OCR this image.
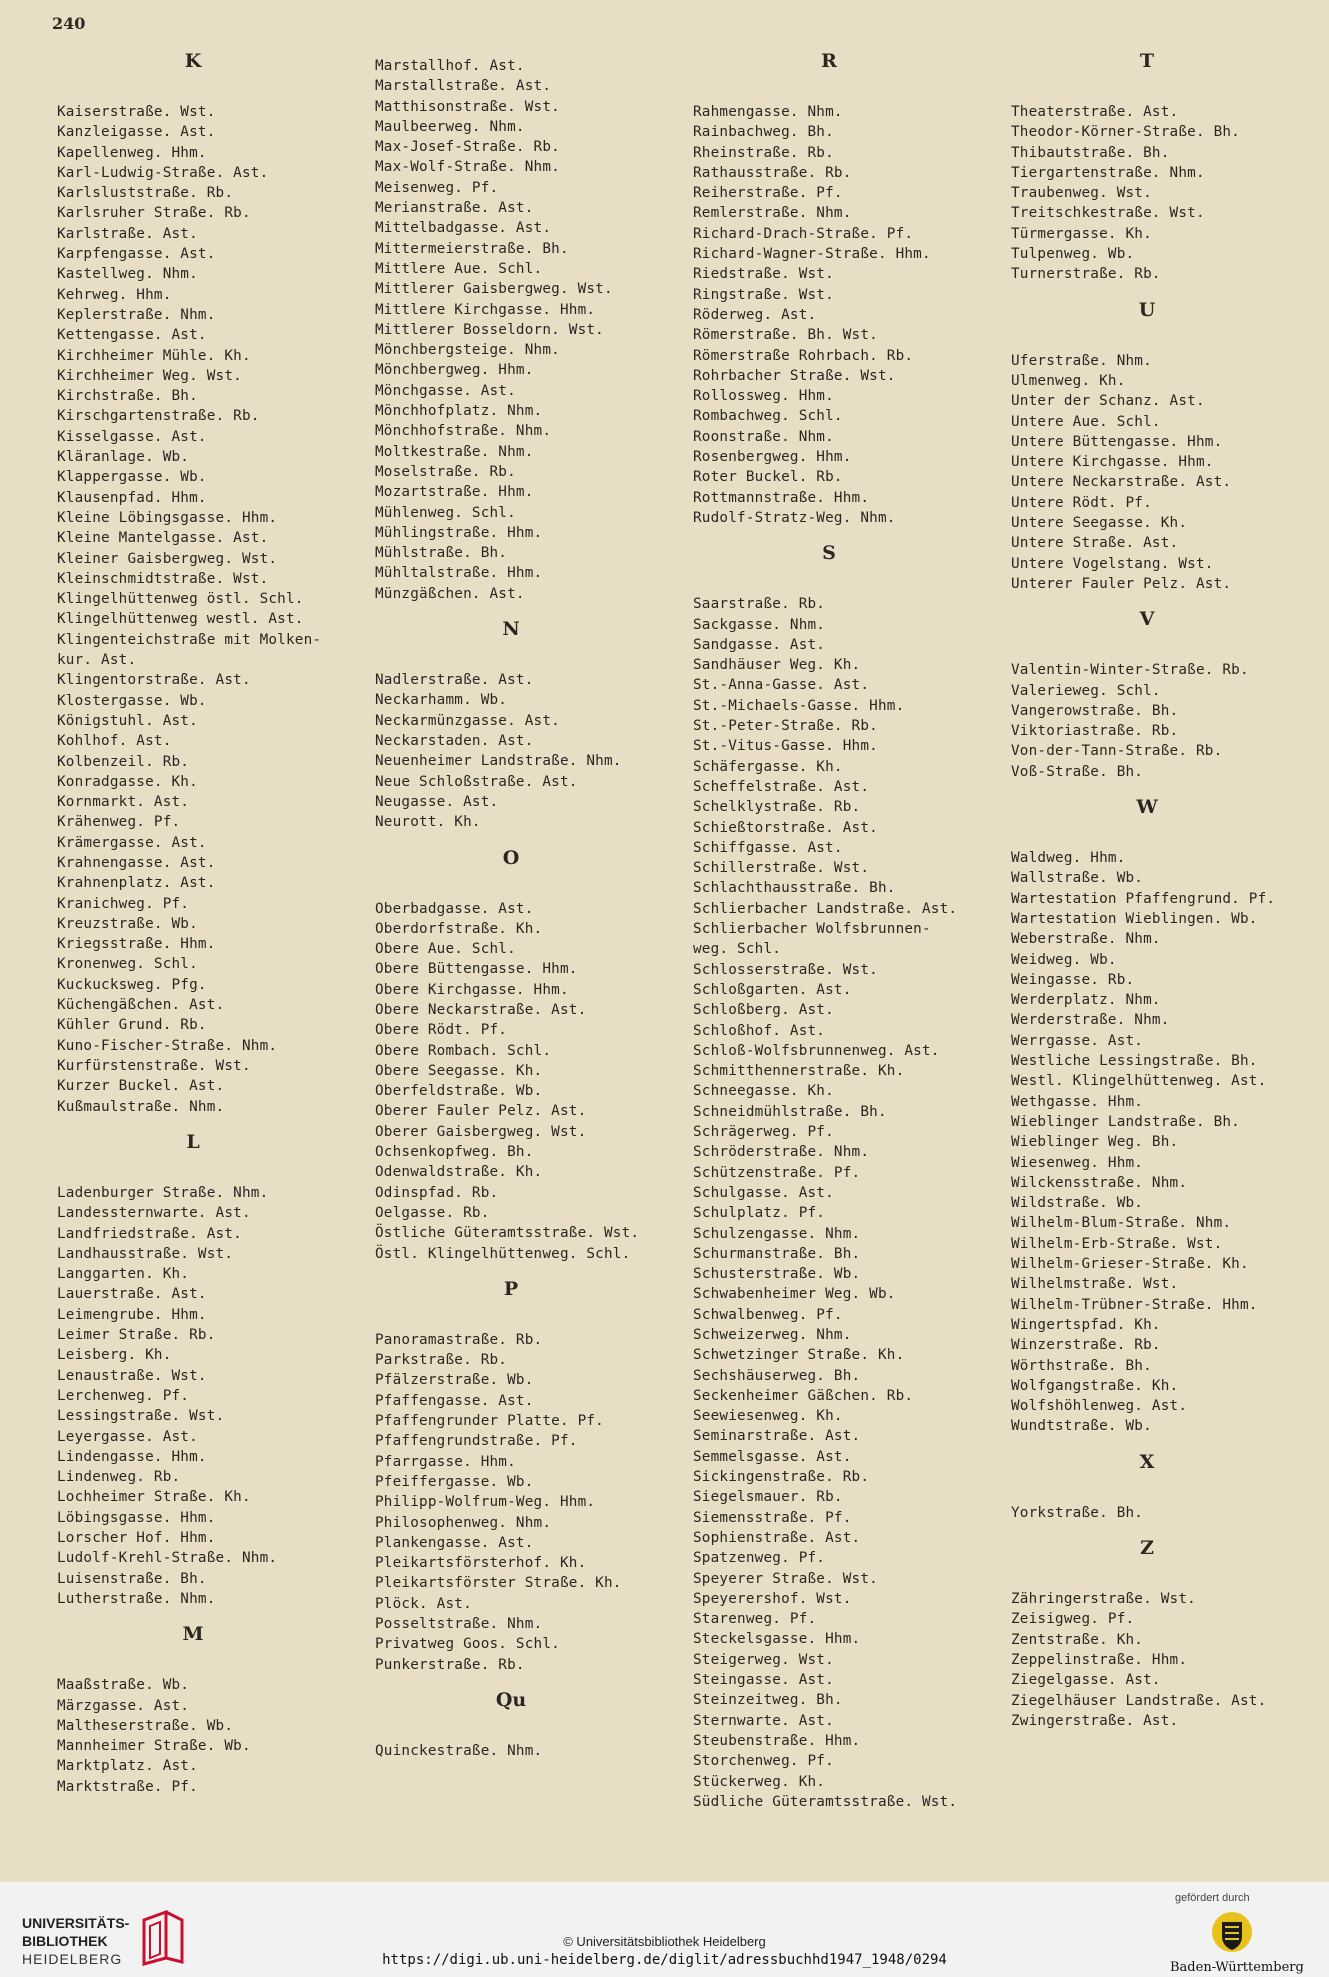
240
K
Kaiserstraße. Wst.
Kanzleigasse. Ast.
Kapellenweg. Hhm.
Karl-Ludwig-Straße. Ast.
Karlsluststraße. Rb.
Karlsruher Straße. Rb.
Karlstraße. Ast.
Karpfengasse. Ast.
Kastellweg. Nhm.
Kehrweg. Hhm.
Keplerstraße. Nhm.
Kettengasse. Ast.
Kirchheimer Mühle. Kh.
Kirchheimer Weg. Wst.
Kirchstraße. Bh.
Kirschgartenstraße. Rb.
Kisselgasse. Ast.
Kläranlage. Wb.
Klappergasse. Wb.
Klausenpfad. Hhm.
Kleine Löbingsgasse. Hhm.
Kleine Mantelgasse. Ast.
Kleiner Gaisbergweg. Wst.
Kleinschmidtstraße. Wst.
Klingelhüttenweg östl. Schl.
Klingelhüttenweg westl. Ast.
Klingenteichstraße mit Molken-
kur. Ast.
Klingentorstraße. Ast.
Klostergasse. Wb.
Königstuhl. Ast.
Kohlhof. Ast.
Kolbenzeil. Rb.
Konradgasse. Kh.
Kornmarkt. Ast.
Krähenweg. Pf.
Krämergasse. Ast.
Krahnengasse. Ast.
Krahnenplatz. Ast.
Kranichweg. Pf.
Kreuzstraße. Wb.
Kriegsstraße. Hhm.
Kronenweg. Schl.
Kuckucksweg. Pfg.
Küchengäßchen. Ast.
Kühler Grund. Rb.
Kuno-Fischer-Straße. Nhm.
Kurfürstenstraße. Wst.
Kurzer Buckel. Ast.
Kußmaulstraße. Nhm.
L
Ladenburger Straße. Nhm.
Landessternwarte. Ast.
Landfriedstraße. Ast.
Landhausstraße. Wst.
Langgarten. Kh.
Lauerstraße. Ast.
Leimengrube. Hhm.
Leimer Straße. Rb.
Leisberg. Kh.
Lenaustraße. Wst.
Lerchenweg. Pf.
Lessingstraße. Wst.
Leyergasse. Ast.
Lindengasse. Hhm.
Lindenweg. Rb.
Lochheimer Straße. Kh.
Löbingsgasse. Hhm.
Lorscher Hof. Hhm.
Ludolf-Krehl-Straße. Nhm.
Luisenstraße. Bh.
Lutherstraße. Nhm.
M
Maaßstraße. Wb.
Märzgasse. Ast.
Maltheserstraße. Wb.
Mannheimer Straße. Wb.
Marktplatz. Ast.
Marktstraße. Pf.
Marstallhof. Ast.
Marstallstraße. Ast.
Matthisonstraße. Wst.
Maulbeerweg. Nhm.
Max-Josef-Straße. Rb.
Max-Wolf-Straße. Nhm.
Meisenweg. Pf.
Merianstraße. Ast.
Mittelbadgasse. Ast.
Mittermeierstraße. Bh.
Mittlere Aue. Schl.
Mittlerer Gaisbergweg. Wst.
Mittlere Kirchgasse. Hhm.
Mittlerer Bosseldorn. Wst.
Mönchbergsteige. Nhm.
Mönchbergweg. Hhm.
Mönchgasse. Ast.
Mönchhofplatz. Nhm.
Mönchhofstraße. Nhm.
Moltkestraße. Nhm.
Moselstraße. Rb.
Mozartstraße. Hhm.
Mühlenweg. Schl.
Mühlingstraße. Hhm.
Mühlstraße. Bh.
Mühltalstraße. Hhm.
Münzgäßchen. Ast.
N
Nadlerstraße. Ast.
Neckarhamm. Wb.
Neckarmünzgasse. Ast.
Neckarstaden. Ast.
Neuenheimer Landstraße. Nhm.
Neue Schloßstraße. Ast.
Neugasse. Ast.
Neurott. Kh.
O
Oberbadgasse. Ast.
Oberdorfstraße. Kh.
Obere Aue. Schl.
Obere Büttengasse. Hhm.
Obere Kirchgasse. Hhm.
Obere Neckarstraße. Ast.
Obere Rödt. Pf.
Obere Rombach. Schl.
Obere Seegasse. Kh.
Oberfeldstraße. Wb.
Oberer Fauler Pelz. Ast.
Oberer Gaisbergweg. Wst.
Ochsenkopfweg. Bh.
Odenwaldstraße. Kh.
Odinspfad. Rb.
Oelgasse. Rb.
Östliche Güteramtsstraße. Wst.
Östl. Klingelhüttenweg. Schl.
P
Panoramastraße. Rb.
Parkstraße. Rb.
Pfälzerstraße. Wb.
Pfaffengasse. Ast.
Pfaffengrunder Platte. Pf.
Pfaffengrundstraße. Pf.
Pfarrgasse. Hhm.
Pfeiffergasse. Wb.
Philipp-Wolfrum-Weg. Hhm.
Philosophenweg. Nhm.
Plankengasse. Ast.
Pleikartsförsterhof. Kh.
Pleikartsförster Straße. Kh.
Plöck. Ast.
Posseltstraße. Nhm.
Privatweg Goos. Schl.
Punkerstraße. Rb.
Qu
Quinckestraße. Nhm.
R
Rahmengasse. Nhm.
Rainbachweg. Bh.
Rheinstraße. Rb.
Rathausstraße. Rb.
Reiherstraße. Pf.
Remlerstraße. Nhm.
Richard-Drach-Straße. Pf.
Richard-Wagner-Straße. Hhm.
Riedstraße. Wst.
Ringstraße. Wst.
Röderweg. Ast.
Römerstraße. Bh. Wst.
Römerstraße Rohrbach. Rb.
Rohrbacher Straße. Wst.
Rollossweg. Hhm.
Rombachweg. Schl.
Roonstraße. Nhm.
Rosenbergweg. Hhm.
Roter Buckel. Rb.
Rottmannstraße. Hhm.
Rudolf-Stratz-Weg. Nhm.
S
Saarstraße. Rb.
Sackgasse. Nhm.
Sandgasse. Ast.
Sandhäuser Weg. Kh.
St.-Anna-Gasse. Ast.
St.-Michaels-Gasse. Hhm.
St.-Peter-Straße. Rb.
St.-Vitus-Gasse. Hhm.
Schäfergasse. Kh.
Scheffelstraße. Ast.
Schelklystraße. Rb.
Schießtorstraße. Ast.
Schiffgasse. Ast.
Schillerstraße. Wst.
Schlachthausstraße. Bh.
Schlierbacher Landstraße. Ast.
Schlierbacher Wolfsbrunnen-
weg. Schl.
Schlosserstraße. Wst.
Schloßgarten. Ast.
Schloßberg. Ast.
Schloßhof. Ast.
Schloß-Wolfsbrunnenweg. Ast.
Schmitthennerstraße. Kh.
Schneegasse. Kh.
Schneidmühlstraße. Bh.
Schrägerweg. Pf.
Schröderstraße. Nhm.
Schützenstraße. Pf.
Schulgasse. Ast.
Schulplatz. Pf.
Schulzengasse. Nhm.
Schurmanstraße. Bh.
Schusterstraße. Wb.
Schwabenheimer Weg. Wb.
Schwalbenweg. Pf.
Schweizerweg. Nhm.
Schwetzinger Straße. Kh.
Sechshäuserweg. Bh.
Seckenheimer Gäßchen. Rb.
Seewiesenweg. Kh.
Seminarstraße. Ast.
Semmelsgasse. Ast.
Sickingenstraße. Rb.
Siegelsmauer. Rb.
Siemensstraße. Pf.
Sophienstraße. Ast.
Spatzenweg. Pf.
Speyerer Straße. Wst.
Speyerershof. Wst.
Starenweg. Pf.
Steckelsgasse. Hhm.
Steigerweg. Wst.
Steingasse. Ast.
Steinzeitweg. Bh.
Sternwarte. Ast.
Steubenstraße. Hhm.
Storchenweg. Pf.
Stückerweg. Kh.
Südliche Güteramtsstraße. Wst.
T
Theaterstraße. Ast.
Theodor-Körner-Straße. Bh.
Thibautstraße. Bh.
Tiergartenstraße. Nhm.
Traubenweg. Wst.
Treitschkestraße. Wst.
Türmergasse. Kh.
Tulpenweg. Wb.
Turnerstraße. Rb.
U
Uferstraße. Nhm.
Ulmenweg. Kh.
Unter der Schanz. Ast.
Untere Aue. Schl.
Untere Büttengasse. Hhm.
Untere Kirchgasse. Hhm.
Untere Neckarstraße. Ast.
Untere Rödt. Pf.
Untere Seegasse. Kh.
Untere Straße. Ast.
Untere Vogelstang. Wst.
Unterer Fauler Pelz. Ast.
V
Valentin-Winter-Straße. Rb.
Valerieweg. Schl.
Vangerowstraße. Bh.
Viktoriastraße. Rb.
Von-der-Tann-Straße. Rb.
Voß-Straße. Bh.
W
Waldweg. Hhm.
Wallstraße. Wb.
Wartestation Pfaffengrund. Pf.
Wartestation Wieblingen. Wb.
Weberstraße. Nhm.
Weidweg. Wb.
Weingasse. Rb.
Werderplatz. Nhm.
Werderstraße. Nhm.
Werrgasse. Ast.
Westliche Lessingstraße. Bh.
Westl. Klingelhüttenweg. Ast.
Wethgasse. Hhm.
Wieblinger Landstraße. Bh.
Wieblinger Weg. Bh.
Wiesenweg. Hhm.
Wilckensstraße. Nhm.
Wildstraße. Wb.
Wilhelm-Blum-Straße. Nhm.
Wilhelm-Erb-Straße. Wst.
Wilhelm-Grieser-Straße. Kh.
Wilhelmstraße. Wst.
Wilhelm-Trübner-Straße. Hhm.
Wingertspfad. Kh.
Winzerstraße. Rb.
Wörthstraße. Bh.
Wolfgangstraße. Kh.
Wolfshöhlenweg. Ast.
Wundtstraße. Wb.
X
Yorkstraße. Bh.
Z
Zähringerstraße. Wst.
Zeisigweg. Pf.
Zentstraße. Kh.
Zeppelinstraße. Hhm.
Ziegelgasse. Ast.
Ziegelhäuser Landstraße. Ast.
Zwingerstraße. Ast.
UNIVERSITÄTS-
BIBLIOTHEK
HEIDELBERG
© Universitätsbibliothek Heidelberg
https://digi.ub.uni-heidelberg.de/diglit/adressbuchhd1947_1948/0294
gefördert durch
Baden-Württemberg
